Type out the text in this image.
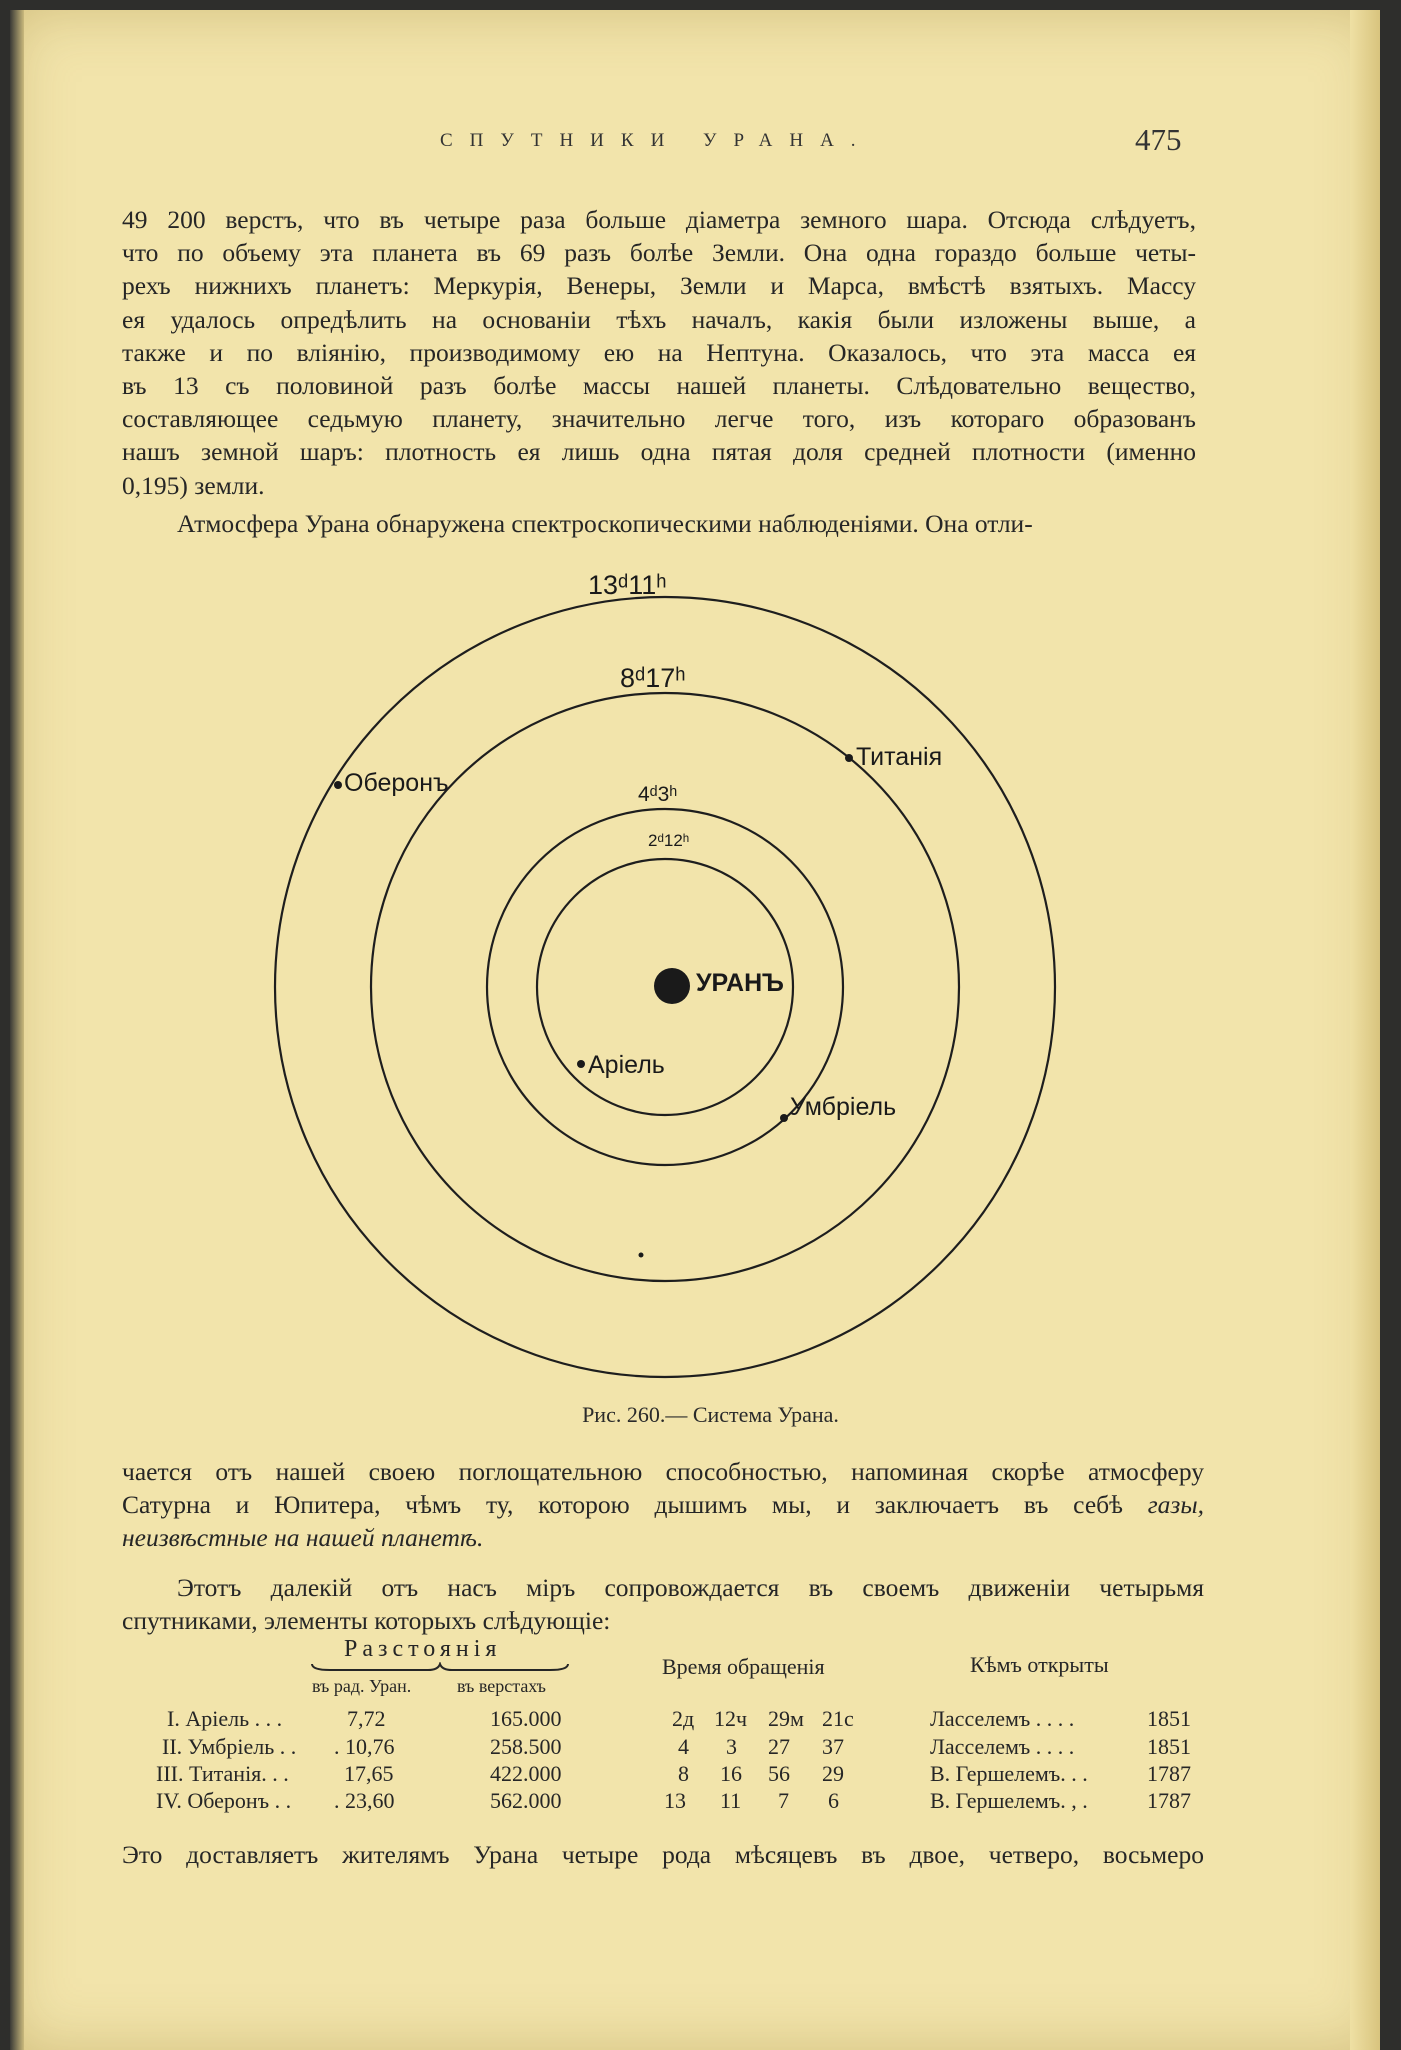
СПУТНИКИ УРАНА.	475

49 200 верстъ, что въ четыре раза больше діаметра земного шара. Отсюда слѣдуетъ,

что по объему эта планета въ 69 разъ болѣе Земли. Она одна гораздо больше четы-

рехъ нижнихъ планетъ: Меркурія, Венеры, Земли и Марса, вмѣстѣ взятыхъ. Массу

ея удалось опредѣлить на основаніи тѣхъ началъ, какія были изложены выше, а

также и по вліянію, производимому ею на Нептуна. Оказалось, что эта масса ея

въ 13 съ половиной разъ болѣе массы нашей планеты. Слѣдовательно вещество,

составляющее седьмую планету, значительно легче того, изъ котораго образованъ

нашъ земной шаръ: плотность ея лишь одна пятая доля средней плотности (именно

0,195) земли.

Атмосфера Урана обнаружена спектроскопическими наблюденіями. Она отли-

УРАНЪ
Аріель
2ᵈ12ʰ
Умбріель
4ᵈ3ʰ
Титанія
8ᵈ17ʰ
Оберонъ
13ᵈ11ʰ
Рис. 260.— Система Урана.

чается отъ нашей своею поглощательною способностью, напоминая скорѣе атмосферу

Сатурна и Юпитера, чѣмъ ту, которою дышимъ мы, и заключаетъ въ себѣ газы,

неизвѣстные на нашей планетѣ.

Этотъ далекій отъ насъ міръ сопровождается въ своемъ движеніи четырьмя

спутниками, элементы которыхъ слѣдующіе:

Разстоянія
въ рад. Уран.	въ верстахъ
Время обращенія	Кѣмъ открыты
I. Аріель . . .	7,72	165.000	2д 12ч 29м 21с	Ласселемъ . . . .	1851
II. Умбріель . . . 10,76	258.500	4 3 27 37	Ласселемъ . . . .	1851
III. Титанія. . .	17,65	422.000	8 16 56 29	В. Гершелемъ. . .	1787
IV. Оберонъ . . . 23,60	562.000	13 11 7 6	В. Гершелемъ. , .	1787
Это доставляетъ жителямъ Урана четыре рода мѣсяцевъ въ двое, четверо, восьмеро
